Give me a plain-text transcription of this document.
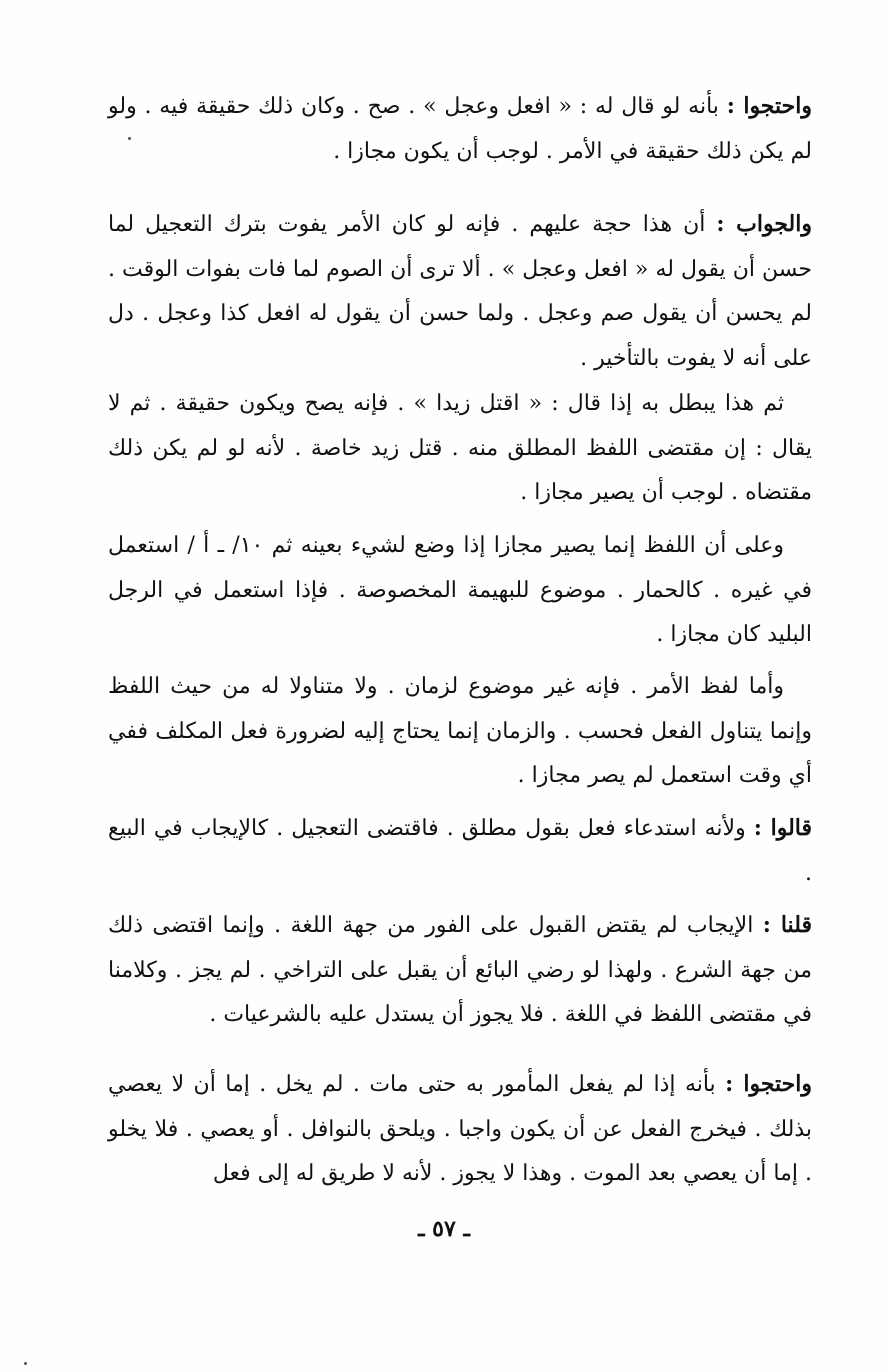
واحتجوا : بأنه لو قال له : « افعل وعجل » . صح . وكان ذلك حقيقة فيه . ولو لم يكن ذلك حقيقة في الأمر . لوجب أن يكون مجازا .

والجواب : أن هذا حجة عليهم . فإنه لو كان الأمر يفوت بترك التعجيل لما حسن أن يقول له « افعل وعجل » . ألا ترى أن الصوم لما فات بفوات الوقت . لم يحسن أن يقول صم وعجل . ولما حسن أن يقول له افعل كذا وعجل . دل على أنه لا يفوت بالتأخير .

ثم هذا يبطل به إذا قال : « اقتل زيدا » . فإنه يصح ويكون حقيقة . ثم لا يقال : إن مقتضى اللفظ المطلق منه . قتل زيد خاصة . لأنه لو لم يكن ذلك مقتضاه . لوجب أن يصير مجازا .

وعلى أن اللفظ إنما يصير مجازا إذا وضع لشيء بعينه ثم ١٠/ ـ أ / استعمل في غيره . كالحمار . موضوع للبهيمة المخصوصة . فإذا استعمل في الرجل البليد كان مجازا .

وأما لفظ الأمر . فإنه غير موضوع لزمان . ولا متناولا له من حيث اللفظ وإنما يتناول الفعل فحسب . والزمان إنما يحتاج إليه لضرورة فعل المكلف ففي أي وقت استعمل لم يصر مجازا .

قالوا : ولأنه استدعاء فعل بقول مطلق . فاقتضى التعجيل . كالإيجاب في البيع .

قلنا : الإيجاب لم يقتض القبول على الفور من جهة اللغة . وإنما اقتضى ذلك من جهة الشرع . ولهذا لو رضي البائع أن يقبل على التراخي . لم يجز . وكلامنا في مقتضى اللفظ في اللغة . فلا يجوز أن يستدل عليه بالشرعيات .

واحتجوا : بأنه إذا لم يفعل المأمور به حتى مات . لم يخل . إما أن لا يعصي بذلك . فيخرج الفعل عن أن يكون واجبا . ويلحق بالنوافل . أو يعصي . فلا يخلو . إما أن يعصي بعد الموت . وهذا لا يجوز . لأنه لا طريق له إلى فعل

ـ ٥٧ ـ
